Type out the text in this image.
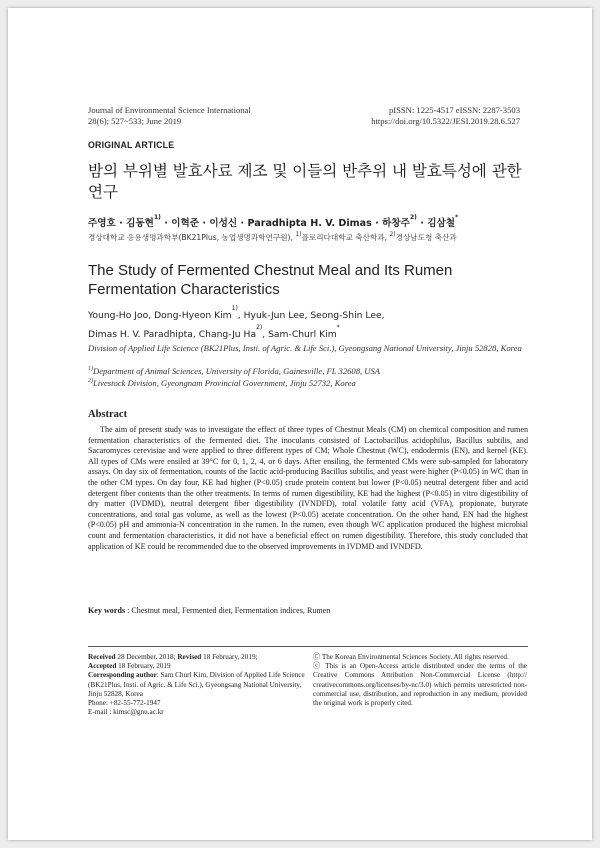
Journal of Environmental Science International
28(6); 527~533; June 2019
pISSN: 1225-4517 eISSN: 2287-3503
https://doi.org/10.5322/JESI.2019.28.6.527
ORIGINAL ARTICLE
밤의 부위별 발효사료 제조 및 이들의 반추위 내 발효특성에 관한
연구
주영호 · 김동현$^{1)}$ · 이혁준 · 이성신 · Paradhipta H. V. Dimas · 하창주$^{2)}$ · 김삼철*
경상대학교 응용생명과학부(BK21Plus, 농업생명과학연구원), $^{1)}$플로리다대학교 축산학과, $^{2)}$경상남도청 축산과
The Study of Fermented Chestnut Meal and Its Rumen
Fermentation Characteristics
Young-Ho Joo, Dong-Hyeon Kim$^{1)}$, Hyuk-Jun Lee, Seong-Shin Lee,
Dimas H. V. Paradhipta, Chang-Ju Ha$^{2)}$, Sam-Churl Kim*
Division of Applied Life Science (BK21Plus, Insti. of Agric. & Life Sci.), Gyeongsang National University, Jinju 52828, Korea
$^{1)}$Department of Animal Sciences, University of Florida, Gainesville, FL 32608, USA
$^{2)}$Livestock Division, Gyeongnam Provincial Government, Jinju 52732, Korea
Abstract
The aim of present study was to investigate the effect of three types of Chestnut Meals (CM) on chemical composition and rumen fermentation characteristics of the fermented diet. The inoculants consisted of Lactobacillus acidophilus, Bacillus subtilis, and Sacaromyces cerevisiae and were applied to three different types of CM; Whole Chestnut (WC), endodermis (EN), and kernel (KE). All types of CMs were ensiled at 39°C for 0, 1, 2, 4, or 6 days. After ensiling, the fermented CMs were sub-sampled for laboratory assays. On day six of fermentation, counts of the lactic acid-producing Bacillus subtilis, and yeast were higher (P<0.05) in WC than in the other CM types. On day four, KE had higher (P<0.05) crude protein content but lower (P<0.05) neutral detergent fiber and acid detergent fiber contents than the other treatments. In terms of rumen digestibility, KE had the highest (P<0.05) in vitro digestibility of dry matter (IVDMD), neutral detergent fiber digestibility (IVNDFD), total volatile fatty acid (VFA), propionate, butyrate concentrations, and total gas volume, as well as the lowest (P<0.05) acetate concentration. On the other hand, EN had the highest (P<0.05) pH and ammonia-N concentration in the rumen. In the rumen, even though WC application produced the highest microbial count and fermentation characteristics, it did not have a beneficial effect on rumen digestibility. Therefore, this study concluded that application of KE could be recommended due to the observed improvements in IVDMD and IVNDFD.
Key words : Chestnut meal, Fermented diet, Fermentation indices, Rumen
Received 28 December, 2018; Revised 18 February, 2019;
Accepted 18 February, 2019
Corresponding author: Sam Churl Kim, Division of Applied Life Science (BK21Plus, Insti. of Agric. & Life Sci.), Gyeongsang National University, Jinju 52828, Korea
Phone: +82-55-772-1947
E-mail : kimsc@gnu.ac.kr
Ⓒ The Korean Environmental Sciences Society. All rights reserved.
ⓒ This is an Open-Access article distributed under the terms of the Creative Commons Attribution Non-Commercial License (http:// creativecommons.org/licenses/by-nc/3.0) which permits unrestricted non-commercial use, distribution, and reproduction in any medium, provided the original work is properly cited.
